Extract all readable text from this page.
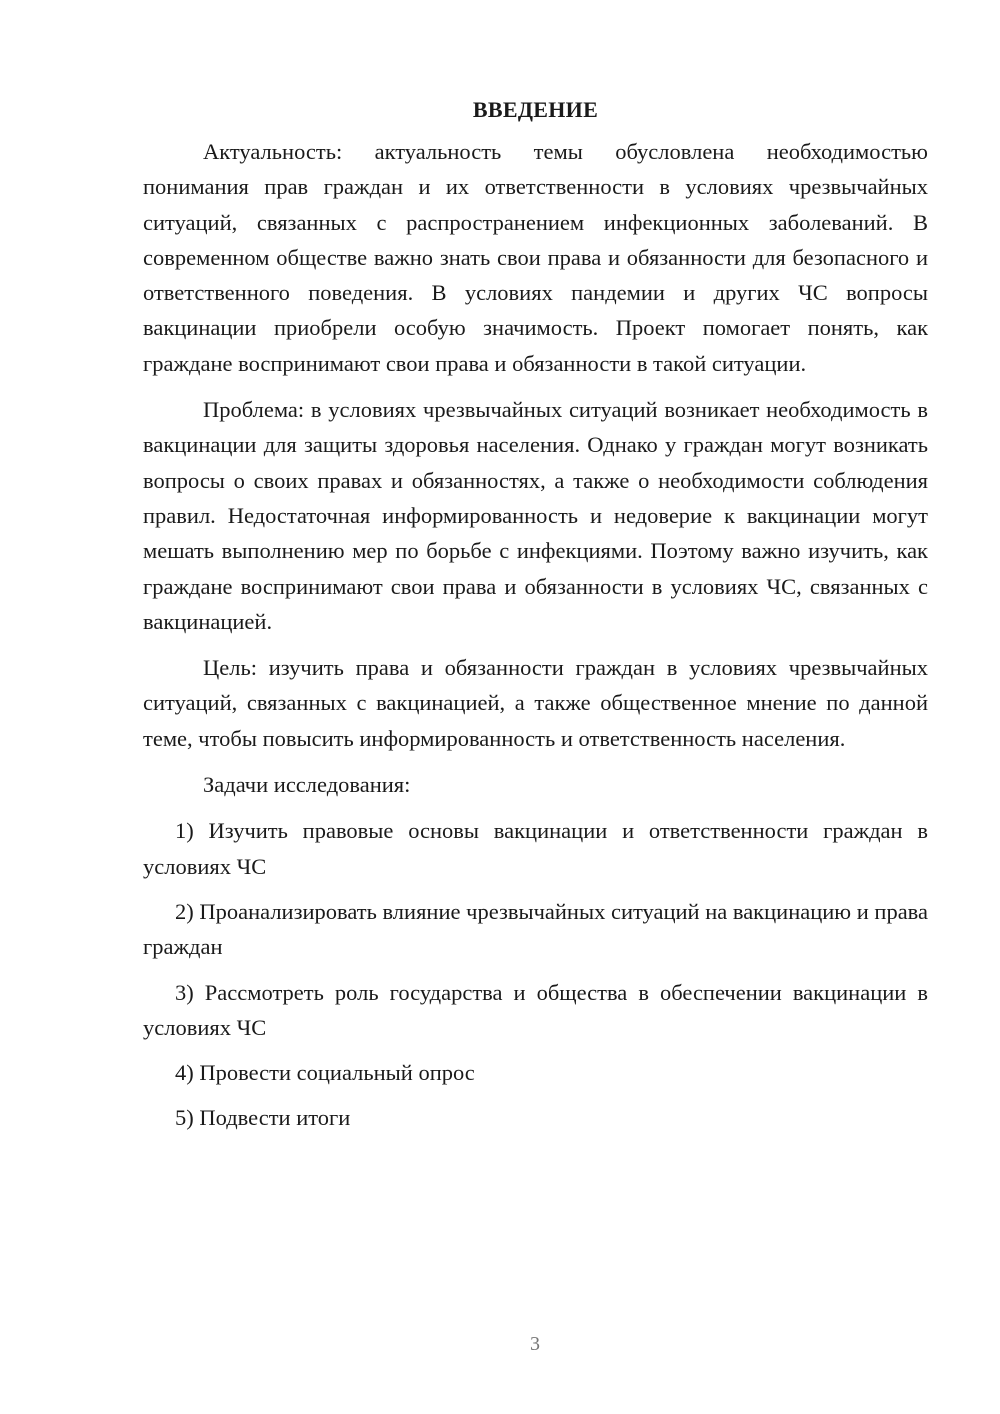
ВВЕДЕНИЕ

Актуальность: актуальность темы обусловлена необходимостью понимания прав граждан и их ответственности в условиях чрезвычайных ситуаций, связанных с распространением инфекционных заболеваний. В современном обществе важно знать свои права и обязанности для безопасного и ответственного поведения. В условиях пандемии и других ЧС вопросы вакцинации приобрели особую значимость. Проект помогает понять, как граждане воспринимают свои права и обязанности в такой ситуации.

Проблема: в условиях чрезвычайных ситуаций возникает необходимость в вакцинации для защиты здоровья населения. Однако у граждан могут возникать вопросы о своих правах и обязанностях, а также о необходимости соблюдения правил. Недостаточная информированность и недоверие к вакцинации могут мешать выполнению мер по борьбе с инфекциями. Поэтому важно изучить, как граждане воспринимают свои права и обязанности в условиях ЧС, связанных с вакцинацией.

Цель: изучить права и обязанности граждан в условиях чрезвычайных ситуаций, связанных с вакцинацией, а также общественное мнение по данной теме, чтобы повысить информированность и ответственность населения.

Задачи исследования:

1) Изучить правовые основы вакцинации и ответственности граждан в условиях ЧС

2) Проанализировать влияние чрезвычайных ситуаций на вакцинацию и права граждан

3) Рассмотреть роль государства и общества в обеспечении вакцинации в условиях ЧС

4) Провести социальный опрос

5) Подвести итоги

3
